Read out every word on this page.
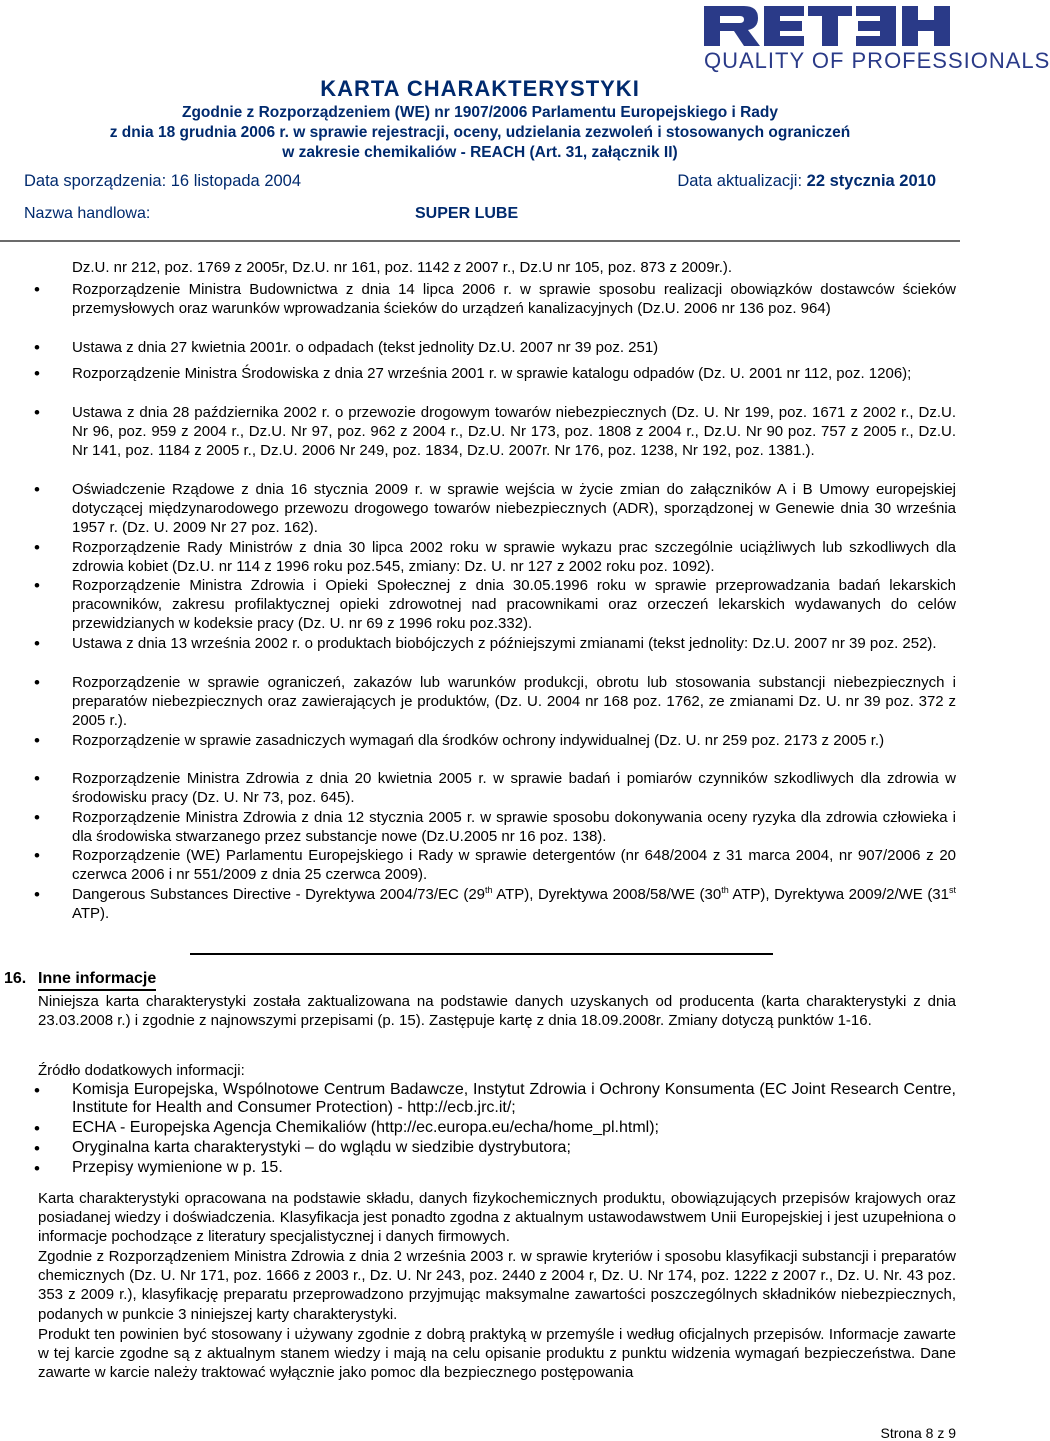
QUALITY OF PROFESSIONALS
KARTA CHARAKTERYSTYKI
Zgodnie z Rozporządzeniem (WE) nr 1907/2006 Parlamentu Europejskiego i Rady
z dnia 18 grudnia 2006 r. w sprawie rejestracji, oceny, udzielania zezwoleń i stosowanych ograniczeń
w zakresie chemikaliów - REACH (Art. 31, załącznik II)
Data sporządzenia: 16 listopada 2004	Data aktualizacji: 22 stycznia 2010
Nazwa handlowa:	SUPER LUBE
Dz.U. nr 212, poz. 1769 z 2005r, Dz.U. nr 161, poz. 1142 z 2007 r., Dz.U nr 105, poz. 873 z 2009r.).
• Rozporządzenie Ministra Budownictwa z dnia 14 lipca 2006 r. w sprawie sposobu realizacji obowiązków dostawców ścieków przemysłowych oraz warunków wprowadzania ścieków do urządzeń kanalizacyjnych (Dz.U. 2006 nr 136 poz. 964)
• Ustawa z dnia 27 kwietnia 2001r. o odpadach (tekst jednolity Dz.U. 2007 nr 39 poz. 251)
• Rozporządzenie Ministra Środowiska z dnia 27 września 2001 r. w sprawie katalogu odpadów (Dz. U. 2001 nr 112, poz. 1206);
• Ustawa z dnia 28 października 2002 r. o przewozie drogowym towarów niebezpiecznych (Dz. U. Nr 199, poz. 1671 z 2002 r., Dz.U. Nr 96, poz. 959 z 2004 r., Dz.U. Nr 97, poz. 962 z 2004 r., Dz.U. Nr 173, poz. 1808 z 2004 r., Dz.U. Nr 90 poz. 757 z 2005 r., Dz.U. Nr 141, poz. 1184 z 2005 r., Dz.U. 2006 Nr 249, poz. 1834, Dz.U. 2007r. Nr 176, poz. 1238, Nr 192, poz. 1381.).
• Oświadczenie Rządowe z dnia 16 stycznia 2009 r. w sprawie wejścia w życie zmian do załączników A i B Umowy europejskiej dotyczącej międzynarodowego przewozu drogowego towarów niebezpiecznych (ADR), sporządzonej w Genewie dnia 30 września 1957 r. (Dz. U. 2009 Nr 27 poz. 162).
• Rozporządzenie Rady Ministrów z dnia 30 lipca 2002 roku w sprawie wykazu prac szczególnie uciążliwych lub szkodliwych dla zdrowia kobiet (Dz.U. nr 114 z 1996 roku poz.545, zmiany: Dz. U. nr 127 z 2002 roku poz. 1092).
• Rozporządzenie Ministra Zdrowia i Opieki Społecznej z dnia 30.05.1996 roku w sprawie przeprowadzania badań lekarskich pracowników, zakresu profilaktycznej opieki zdrowotnej nad pracownikami oraz orzeczeń lekarskich wydawanych do celów przewidzianych w kodeksie pracy (Dz. U. nr 69 z 1996 roku poz.332).
• Ustawa z dnia 13 września 2002 r. o produktach biobójczych z późniejszymi zmianami (tekst jednolity: Dz.U. 2007 nr 39 poz. 252).
• Rozporządzenie w sprawie ograniczeń, zakazów lub warunków produkcji, obrotu lub stosowania substancji niebezpiecznych i preparatów niebezpiecznych oraz zawierających je produktów, (Dz. U. 2004 nr 168 poz. 1762, ze zmianami Dz. U. nr 39 poz. 372 z 2005 r.).
• Rozporządzenie w sprawie zasadniczych wymagań dla środków ochrony indywidualnej (Dz. U. nr 259 poz. 2173 z 2005 r.)
• Rozporządzenie Ministra Zdrowia z dnia 20 kwietnia 2005 r. w sprawie badań i pomiarów czynników szkodliwych dla zdrowia w środowisku pracy (Dz. U. Nr 73, poz. 645).
• Rozporządzenie Ministra Zdrowia z dnia 12 stycznia 2005 r. w sprawie sposobu dokonywania oceny ryzyka dla zdrowia człowieka i dla środowiska stwarzanego przez substancje nowe (Dz.U.2005 nr 16 poz. 138).
• Rozporządzenie (WE) Parlamentu Europejskiego i Rady w sprawie detergentów (nr 648/2004 z 31 marca 2004, nr 907/2006 z 20 czerwca 2006 i nr 551/2009 z dnia 25 czerwca 2009).
• Dangerous Substances Directive - Dyrektywa 2004/73/EC (29th ATP), Dyrektywa 2008/58/WE (30th ATP), Dyrektywa 2009/2/WE (31st ATP).
16. Inne informacje
Niniejsza karta charakterystyki została zaktualizowana na podstawie danych uzyskanych od producenta (karta charakterystyki z dnia 23.03.2008 r.) i zgodnie z najnowszymi przepisami (p. 15). Zastępuje kartę z dnia 18.09.2008r. Zmiany dotyczą punktów 1-16.
Źródło dodatkowych informacji:
• Komisja Europejska, Wspólnotowe Centrum Badawcze, Instytut Zdrowia i Ochrony Konsumenta (EC Joint Research Centre, Institute for Health and Consumer Protection) - http://ecb.jrc.it/;
• ECHA - Europejska Agencja Chemikaliów (http://ec.europa.eu/echa/home_pl.html);
• Oryginalna karta charakterystyki – do wglądu w siedzibie dystrybutora;
• Przepisy wymienione w p. 15.
Karta charakterystyki opracowana na podstawie składu, danych fizykochemicznych produktu, obowiązujących przepisów krajowych oraz posiadanej wiedzy i doświadczenia. Klasyfikacja jest ponadto zgodna z aktualnym ustawodawstwem Unii Europejskiej i jest uzupełniona o informacje pochodzące z literatury specjalistycznej i danych firmowych.
Zgodnie z Rozporządzeniem Ministra Zdrowia z dnia 2 września 2003 r. w sprawie kryteriów i sposobu klasyfikacji substancji i preparatów chemicznych (Dz. U. Nr 171, poz. 1666 z 2003 r., Dz. U. Nr 243, poz. 2440 z 2004 r, Dz. U. Nr 174, poz. 1222 z 2007 r., Dz. U. Nr. 43 poz. 353 z 2009 r.), klasyfikację preparatu przeprowadzono przyjmując maksymalne zawartości poszczególnych składników niebezpiecznych, podanych w punkcie 3 niniejszej karty charakterystyki.
Produkt ten powinien być stosowany i używany zgodnie z dobrą praktyką w przemyśle i według oficjalnych przepisów. Informacje zawarte w tej karcie zgodne są z aktualnym stanem wiedzy i mają na celu opisanie produktu z punktu widzenia wymagań bezpieczeństwa. Dane zawarte w karcie należy traktować wyłącznie jako pomoc dla bezpiecznego postępowania
Strona 8 z 9
